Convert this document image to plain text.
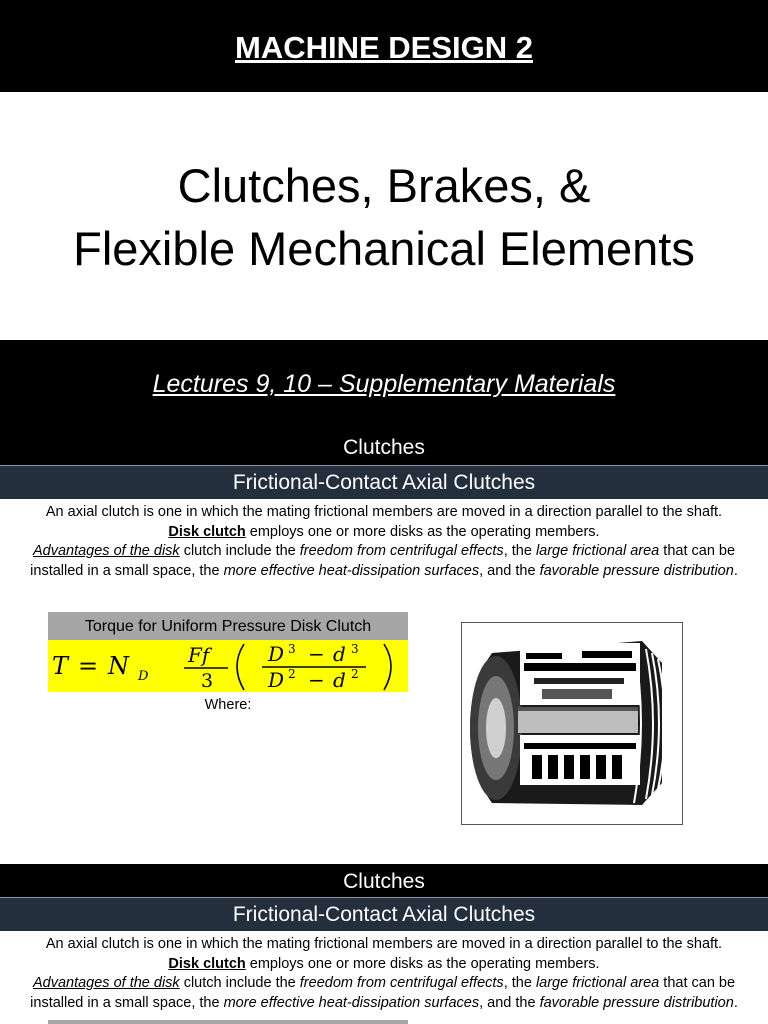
MACHINE DESIGN 2
Clutches, Brakes, &
Flexible Mechanical Elements
Lectures 9, 10 – Supplementary Materials
Clutches
Frictional-Contact Axial Clutches
An axial clutch is one in which the mating frictional members are moved in a direction parallel to the shaft.
Disk clutch employs one or more disks as the operating members.
Advantages of the disk clutch include the freedom from centrifugal effects, the large frictional area that can be installed in a small space, the more effective heat-dissipation surfaces, and the favorable pressure distribution.
Torque for Uniform Pressure Disk Clutch
T = N D
Ff
3
D 3 − d 3
D 2 − d 2
Where:
Clutches
Frictional-Contact Axial Clutches
An axial clutch is one in which the mating frictional members are moved in a direction parallel to the shaft.
Disk clutch employs one or more disks as the operating members.
Advantages of the disk clutch include the freedom from centrifugal effects, the large frictional area that can be installed in a small space, the more effective heat-dissipation surfaces, and the favorable pressure distribution.
